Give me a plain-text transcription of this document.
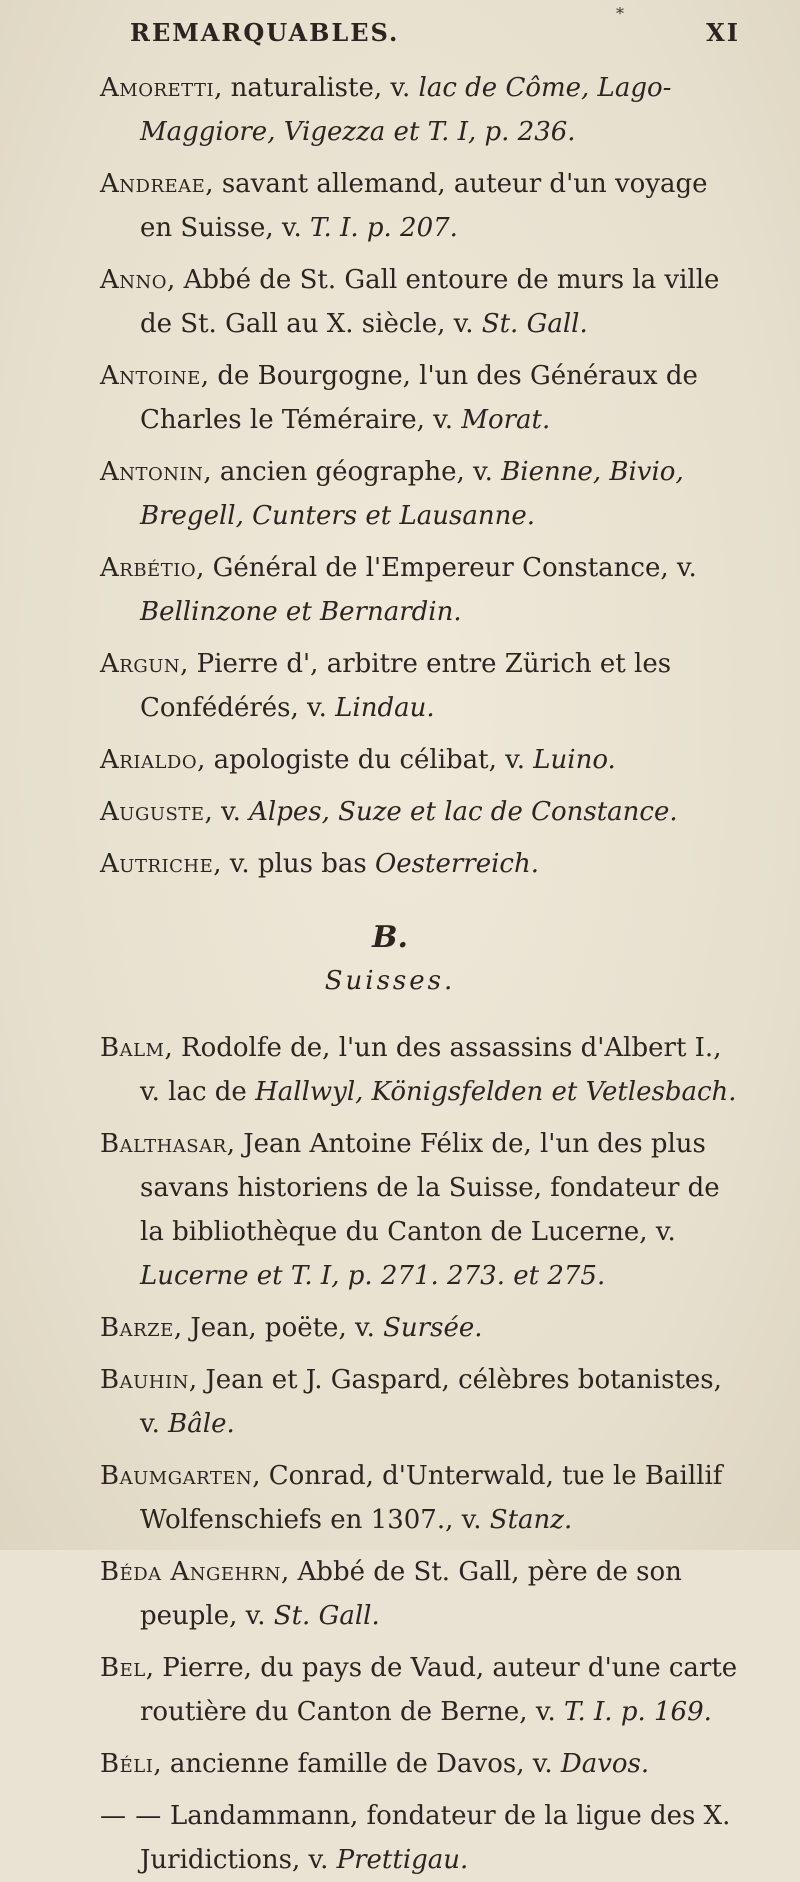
*
REMARQUABLES.	XI
Amoretti, naturaliste, v. lac de Côme, Lago-Maggiore, Vigezza et T. I, p. 236.
Andreae, savant allemand, auteur d'un voyage en Suisse, v. T. I. p. 207.
Anno, Abbé de St. Gall entoure de murs la ville de St. Gall au X. siècle, v. St. Gall.
Antoine, de Bourgogne, l'un des Généraux de Charles le Téméraire, v. Morat.
Antonin, ancien géographe, v. Bienne, Bivio, Bregell, Cunters et Lausanne.
Arbétio, Général de l'Empereur Constance, v. Bellinzone et Bernardin.
Argun, Pierre d', arbitre entre Zürich et les Confédérés, v. Lindau.
Arialdo, apologiste du célibat, v. Luino.
Auguste, v. Alpes, Suze et lac de Constance.
Autriche, v. plus bas Oesterreich.
B.
Suisses.
Balm, Rodolfe de, l'un des assassins d'Albert I., v. lac de Hallwyl, Königsfelden et Vetlesbach.
Balthasar, Jean Antoine Félix de, l'un des plus savans historiens de la Suisse, fondateur de la bibliothèque du Canton de Lucerne, v. Lucerne et T. I, p. 271. 273. et 275.
Barze, Jean, poëte, v. Sursée.
Bauhin, Jean et J. Gaspard, célèbres botanistes, v. Bâle.
Baumgarten, Conrad, d'Unterwald, tue le Baillif Wolfenschiefs en 1307., v. Stanz.
Béda Angehrn, Abbé de St. Gall, père de son peuple, v. St. Gall.
Bel, Pierre, du pays de Vaud, auteur d'une carte routière du Canton de Berne, v. T. I. p. 169.
Béli, ancienne famille de Davos, v. Davos.
— — Landammann, fondateur de la ligue des X. Juridictions, v. Prettigau.
